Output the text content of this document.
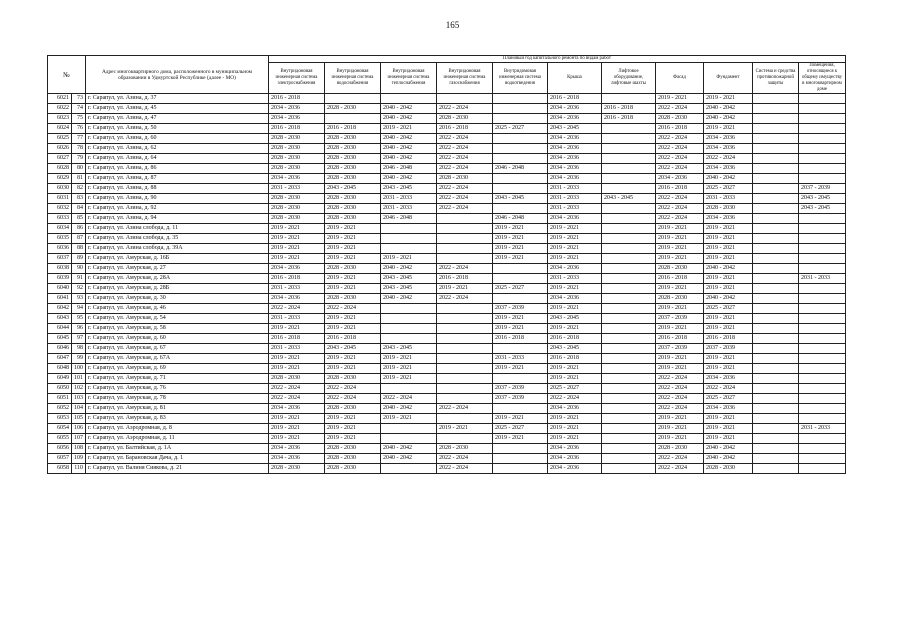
165
№		Адрес многоквартирного дома, расположенного в муниципальном образовании в Удмуртской Республике (далее - МО)	Плановый год капитального ремонта по видам работ										
			Внутридомовая инженерная система электроснабжения	Внутридомовая инженерная система водоснабжения	Внутридомовая инженерная система теплоснабжения	Внутридомовая инженерная система газоснабжения	Внутридомовая инженерная система водоотведения	Крыша	Лифтовое оборудование, лифтовые шахты	Фасад	Фундамент	Система и средства противопожарной защиты	Помещения, относящиеся к общему имуществу в многоквартирном доме
6021	73	г. Сарапул, ул. Азина, д. 37	2016 - 2018					2016 - 2018		2019 - 2021	2019 - 2021		
6022	74	г. Сарапул, ул. Азина, д. 45	2034 - 2036	2028 - 2030	2040 - 2042	2022 - 2024		2034 - 2036	2016 - 2018	2022 - 2024	2040 - 2042		
6023	75	г. Сарапул, ул. Азина, д. 47	2034 - 2036		2040 - 2042	2028 - 2030		2034 - 2036	2016 - 2018	2028 - 2030	2040 - 2042		
6024	76	г. Сарапул, ул. Азина, д. 50	2016 - 2018	2016 - 2018	2019 - 2021	2016 - 2018	2025 - 2027	2043 - 2045		2016 - 2018	2019 - 2021		
6025	77	г. Сарапул, ул. Азина, д. 60	2028 - 2030	2028 - 2030	2040 - 2042	2022 - 2024		2034 - 2036		2022 - 2024	2034 - 2036		
6026	78	г. Сарапул, ул. Азина, д. 62	2028 - 2030	2028 - 2030	2040 - 2042	2022 - 2024		2034 - 2036		2022 - 2024	2034 - 2036		
6027	79	г. Сарапул, ул. Азина, д. 64	2028 - 2030	2028 - 2030	2040 - 2042	2022 - 2024		2034 - 2036		2022 - 2024	2022 - 2024		
6028	80	г. Сарапул, ул. Азина, д. 86	2028 - 2030	2028 - 2030	2046 - 2048	2022 - 2024	2046 - 2048	2034 - 2036		2022 - 2024	2034 - 2036		
6029	81	г. Сарапул, ул. Азина, д. 87	2034 - 2036	2028 - 2030	2040 - 2042	2028 - 2030		2034 - 2036		2034 - 2036	2040 - 2042		
6030	82	г. Сарапул, ул. Азина, д. 88	2031 - 2033	2043 - 2045	2043 - 2045	2022 - 2024		2031 - 2033		2016 - 2018	2025 - 2027		2037 - 2039
6031	83	г. Сарапул, ул. Азина, д. 90	2028 - 2030	2028 - 2030	2031 - 2033	2022 - 2024	2043 - 2045	2031 - 2033	2043 - 2045	2022 - 2024	2031 - 2033		2043 - 2045
6032	84	г. Сарапул, ул. Азина, д. 92	2028 - 2030	2028 - 2030	2031 - 2033	2022 - 2024		2031 - 2033		2022 - 2024	2028 - 2030		2043 - 2045
6033	85	г. Сарапул, ул. Азина, д. 94	2028 - 2030	2028 - 2030	2046 - 2048		2046 - 2048	2034 - 2036		2022 - 2024	2034 - 2036		
6034	86	г. Сарапул, ул. Азина слобода, д. 11	2019 - 2021	2019 - 2021			2019 - 2021	2019 - 2021		2019 - 2021	2019 - 2021		
6035	87	г. Сарапул, ул. Азина слобода, д. 35	2019 - 2021	2019 - 2021			2019 - 2021	2019 - 2021		2019 - 2021	2019 - 2021		
6036	88	г. Сарапул, ул. Азина слобода, д. 39А	2019 - 2021	2019 - 2021			2019 - 2021	2019 - 2021		2019 - 2021	2019 - 2021		
6037	89	г. Сарапул, ул. Амурская, д. 16Б	2019 - 2021	2019 - 2021	2019 - 2021		2019 - 2021	2019 - 2021		2019 - 2021	2019 - 2021		
6038	90	г. Сарапул, ул. Амурская, д. 27	2034 - 2036	2028 - 2030	2040 - 2042	2022 - 2024		2034 - 2036		2028 - 2030	2040 - 2042		
6039	91	г. Сарапул, ул. Амурская, д. 28А	2016 - 2018	2019 - 2021	2043 - 2045	2016 - 2018		2031 - 2033		2016 - 2018	2019 - 2021		2031 - 2033
6040	92	г. Сарапул, ул. Амурская, д. 28Б	2031 - 2033	2019 - 2021	2043 - 2045	2019 - 2021	2025 - 2027	2019 - 2021		2019 - 2021	2019 - 2021		
6041	93	г. Сарапул, ул. Амурская, д. 30	2034 - 2036	2028 - 2030	2040 - 2042	2022 - 2024		2034 - 2036		2028 - 2030	2040 - 2042		
6042	94	г. Сарапул, ул. Амурская, д. 46	2022 - 2024	2022 - 2024			2037 - 2039	2019 - 2021		2019 - 2021	2025 - 2027		
6043	95	г. Сарапул, ул. Амурская, д. 54	2031 - 2033	2019 - 2021			2019 - 2021	2043 - 2045		2037 - 2039	2019 - 2021		
6044	96	г. Сарапул, ул. Амурская, д. 58	2019 - 2021	2019 - 2021			2019 - 2021	2019 - 2021		2019 - 2021	2019 - 2021		
6045	97	г. Сарапул, ул. Амурская, д. 60	2016 - 2018	2016 - 2018			2016 - 2018	2016 - 2018		2016 - 2018	2016 - 2018		
6046	98	г. Сарапул, ул. Амурская, д. 67	2031 - 2033	2043 - 2045	2043 - 2045			2043 - 2045		2037 - 2039	2037 - 2039		
6047	99	г. Сарапул, ул. Амурская, д. 67А	2019 - 2021	2019 - 2021	2019 - 2021		2031 - 2033	2016 - 2018		2019 - 2021	2019 - 2021		
6048	100	г. Сарапул, ул. Амурская, д. 69	2019 - 2021	2019 - 2021	2019 - 2021		2019 - 2021	2019 - 2021		2019 - 2021	2019 - 2021		
6049	101	г. Сарапул, ул. Амурская, д. 71	2028 - 2030	2028 - 2030	2019 - 2021			2019 - 2021		2022 - 2024	2034 - 2036		
6050	102	г. Сарапул, ул. Амурская, д. 76	2022 - 2024	2022 - 2024			2037 - 2039	2025 - 2027		2022 - 2024	2022 - 2024		
6051	103	г. Сарапул, ул. Амурская, д. 78	2022 - 2024	2022 - 2024	2022 - 2024		2037 - 2039	2022 - 2024		2022 - 2024	2025 - 2027		
6052	104	г. Сарапул, ул. Амурская, д. 81	2034 - 2036	2028 - 2030	2040 - 2042	2022 - 2024		2034 - 2036		2022 - 2024	2034 - 2036		
6053	105	г. Сарапул, ул. Амурская, д. 83	2019 - 2021	2019 - 2021	2019 - 2021		2019 - 2021	2019 - 2021		2019 - 2021	2019 - 2021		
6054	106	г. Сарапул, ул. Аэродромная, д. 8	2019 - 2021	2019 - 2021		2019 - 2021	2025 - 2027	2019 - 2021		2019 - 2021	2019 - 2021		2031 - 2033
6055	107	г. Сарапул, ул. Аэродромная, д. 11	2019 - 2021	2019 - 2021			2019 - 2021	2019 - 2021		2019 - 2021	2019 - 2021		
6056	108	г. Сарапул, ул. Балтийская, д. 1А	2034 - 2036	2028 - 2030	2040 - 2042	2028 - 2030		2034 - 2036		2028 - 2030	2040 - 2042		
6057	109	г. Сарапул, ул. Барановская Дача, д. 1	2034 - 2036	2028 - 2030	2040 - 2042	2022 - 2024		2034 - 2036		2022 - 2024	2040 - 2042		
6058	110	г. Сарапул, ул. Валиня Сиякова, д. 21	2028 - 2030	2028 - 2030		2022 - 2024		2034 - 2036		2022 - 2024	2028 - 2030		
